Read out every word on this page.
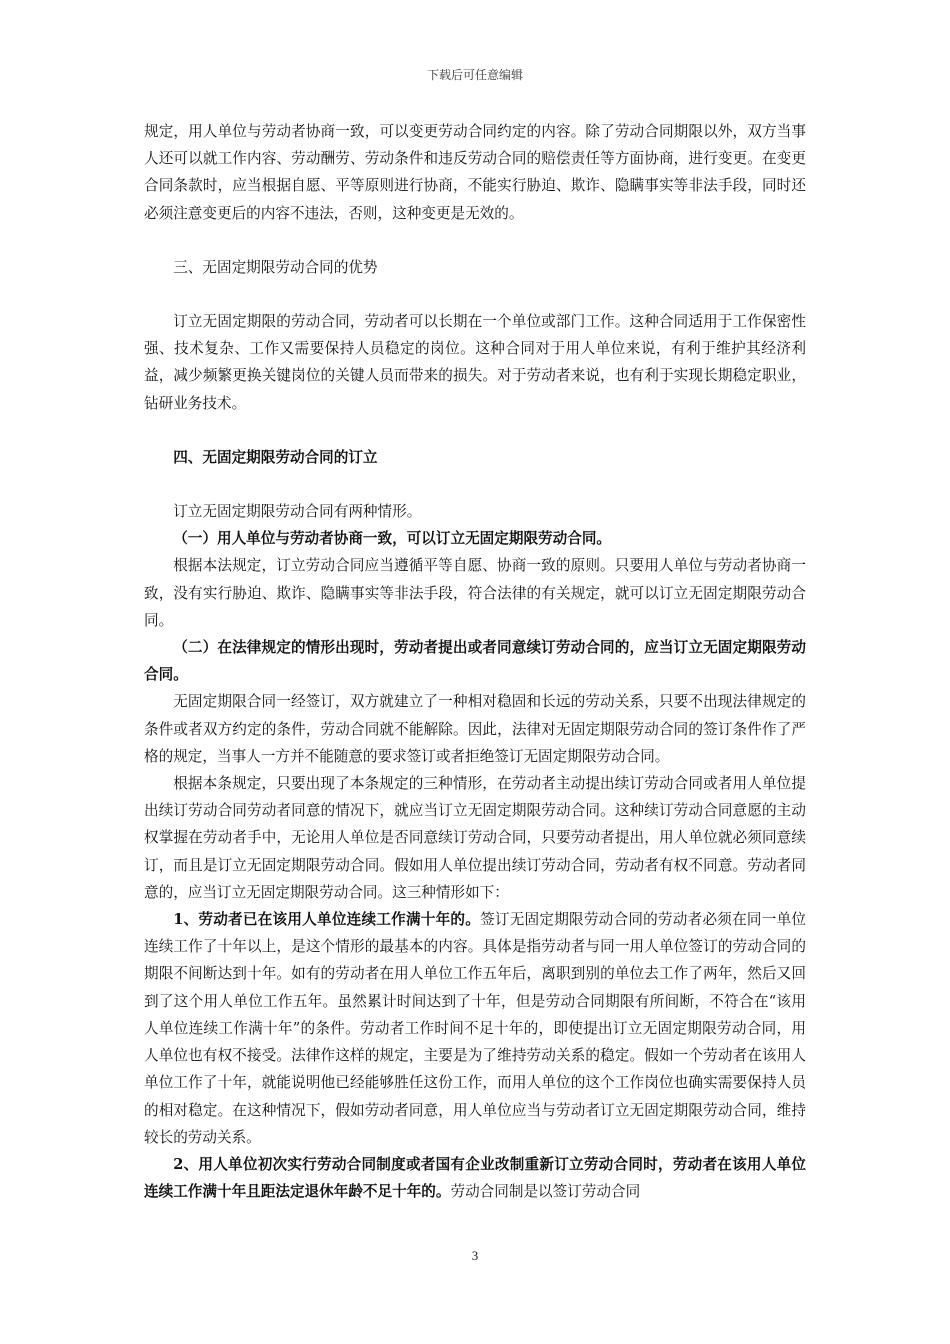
下载后可任意编辑

规定，用人单位与劳动者协商一致，可以变更劳动合同约定的内容。除了劳动合同期限以外，双方当事人还可以就工作内容、劳动酬劳、劳动条件和违反劳动合同的赔偿责任等方面协商，进行变更。在变更合同条款时，应当根据自愿、平等原则进行协商，不能实行胁迫、欺诈、隐瞒事实等非法手段，同时还必须注意变更后的内容不违法，否则，这种变更是无效的。

三、无固定期限劳动合同的优势

订立无固定期限的劳动合同，劳动者可以长期在一个单位或部门工作。这种合同适用于工作保密性强、技术复杂、工作又需要保持人员稳定的岗位。这种合同对于用人单位来说，有利于维护其经济利益，减少频繁更换关键岗位的关键人员而带来的损失。对于劳动者来说，也有利于实现长期稳定职业，钻研业务技术。

四、无固定期限劳动合同的订立

订立无固定期限劳动合同有两种情形。

（一）用人单位与劳动者协商一致，可以订立无固定期限劳动合同。

根据本法规定，订立劳动合同应当遵循平等自愿、协商一致的原则。只要用人单位与劳动者协商一致，没有实行胁迫、欺诈、隐瞒事实等非法手段，符合法律的有关规定，就可以订立无固定期限劳动合同。

（二）在法律规定的情形出现时，劳动者提出或者同意续订劳动合同的，应当订立无固定期限劳动合同。

无固定期限合同一经签订，双方就建立了一种相对稳固和长远的劳动关系，只要不出现法律规定的条件或者双方约定的条件，劳动合同就不能解除。因此，法律对无固定期限劳动合同的签订条件作了严格的规定，当事人一方并不能随意的要求签订或者拒绝签订无固定期限劳动合同。

根据本条规定，只要出现了本条规定的三种情形，在劳动者主动提出续订劳动合同或者用人单位提出续订劳动合同劳动者同意的情况下，就应当订立无固定期限劳动合同。这种续订劳动合同意愿的主动权掌握在劳动者手中，无论用人单位是否同意续订劳动合同，只要劳动者提出，用人单位就必须同意续订，而且是订立无固定期限劳动合同。假如用人单位提出续订劳动合同，劳动者有权不同意。劳动者同意的，应当订立无固定期限劳动合同。这三种情形如下：

1、劳动者已在该用人单位连续工作满十年的。签订无固定期限劳动合同的劳动者必须在同一单位连续工作了十年以上，是这个情形的最基本的内容。具体是指劳动者与同一用人单位签订的劳动合同的期限不间断达到十年。如有的劳动者在用人单位工作五年后，离职到别的单位去工作了两年，然后又回到了这个用人单位工作五年。虽然累计时间达到了十年，但是劳动合同期限有所间断，不符合在“该用人单位连续工作满十年”的条件。劳动者工作时间不足十年的，即使提出订立无固定期限劳动合同，用人单位也有权不接受。法律作这样的规定，主要是为了维持劳动关系的稳定。假如一个劳动者在该用人单位工作了十年，就能说明他已经能够胜任这份工作，而用人单位的这个工作岗位也确实需要保持人员的相对稳定。在这种情况下，假如劳动者同意，用人单位应当与劳动者订立无固定期限劳动合同，维持较长的劳动关系。

2、用人单位初次实行劳动合同制度或者国有企业改制重新订立劳动合同时，劳动者在该用人单位连续工作满十年且距法定退休年龄不足十年的。劳动合同制是以签订劳动合同

3
